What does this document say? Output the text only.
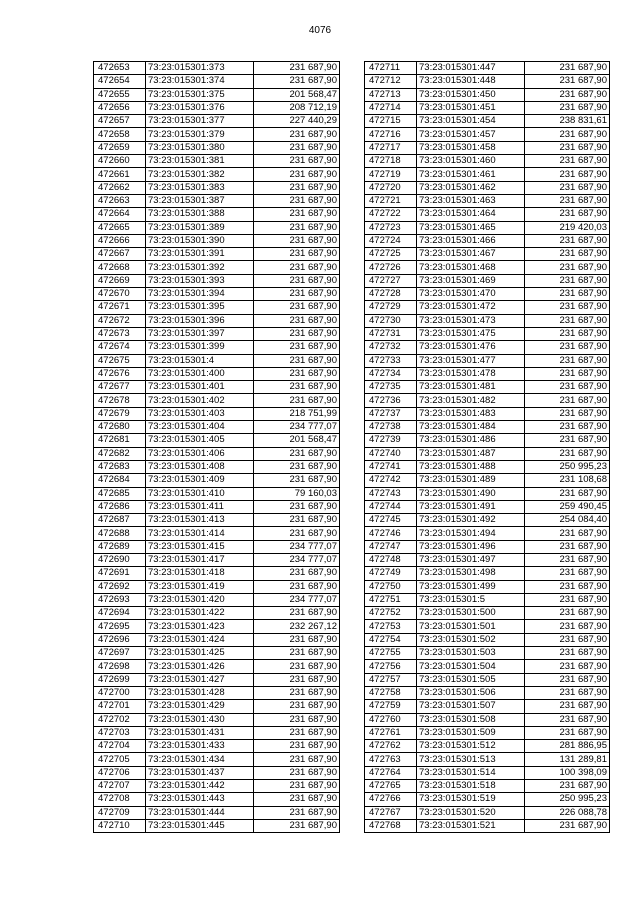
4076
472653	73:23:015301:373	231 687,90
472654	73:23:015301:374	231 687,90
472655	73:23:015301:375	201 568,47
472656	73:23:015301:376	208 712,19
472657	73:23:015301:377	227 440,29
472658	73:23:015301:379	231 687,90
472659	73:23:015301:380	231 687,90
472660	73:23:015301:381	231 687,90
472661	73:23:015301:382	231 687,90
472662	73:23:015301:383	231 687,90
472663	73:23:015301:387	231 687,90
472664	73:23:015301:388	231 687,90
472665	73:23:015301:389	231 687,90
472666	73:23:015301:390	231 687,90
472667	73:23:015301:391	231 687,90
472668	73:23:015301:392	231 687,90
472669	73:23:015301:393	231 687,90
472670	73:23:015301:394	231 687,90
472671	73:23:015301:395	231 687,90
472672	73:23:015301:396	231 687,90
472673	73:23:015301:397	231 687,90
472674	73:23:015301:399	231 687,90
472675	73:23:015301:4	231 687,90
472676	73:23:015301:400	231 687,90
472677	73:23:015301:401	231 687,90
472678	73:23:015301:402	231 687,90
472679	73:23:015301:403	218 751,99
472680	73:23:015301:404	234 777,07
472681	73:23:015301:405	201 568,47
472682	73:23:015301:406	231 687,90
472683	73:23:015301:408	231 687,90
472684	73:23:015301:409	231 687,90
472685	73:23:015301:410	79 160,03
472686	73:23:015301:411	231 687,90
472687	73:23:015301:413	231 687,90
472688	73:23:015301:414	231 687,90
472689	73:23:015301:415	234 777,07
472690	73:23:015301:417	234 777,07
472691	73:23:015301:418	231 687,90
472692	73:23:015301:419	231 687,90
472693	73:23:015301:420	234 777,07
472694	73:23:015301:422	231 687,90
472695	73:23:015301:423	232 267,12
472696	73:23:015301:424	231 687,90
472697	73:23:015301:425	231 687,90
472698	73:23:015301:426	231 687,90
472699	73:23:015301:427	231 687,90
472700	73:23:015301:428	231 687,90
472701	73:23:015301:429	231 687,90
472702	73:23:015301:430	231 687,90
472703	73:23:015301:431	231 687,90
472704	73:23:015301:433	231 687,90
472705	73:23:015301:434	231 687,90
472706	73:23:015301:437	231 687,90
472707	73:23:015301:442	231 687,90
472708	73:23:015301:443	231 687,90
472709	73:23:015301:444	231 687,90
472710	73:23:015301:445	231 687,90
472711	73:23:015301:447	231 687,90
472712	73:23:015301:448	231 687,90
472713	73:23:015301:450	231 687,90
472714	73:23:015301:451	231 687,90
472715	73:23:015301:454	238 831,61
472716	73:23:015301:457	231 687,90
472717	73:23:015301:458	231 687,90
472718	73:23:015301:460	231 687,90
472719	73:23:015301:461	231 687,90
472720	73:23:015301:462	231 687,90
472721	73:23:015301:463	231 687,90
472722	73:23:015301:464	231 687,90
472723	73:23:015301:465	219 420,03
472724	73:23:015301:466	231 687,90
472725	73:23:015301:467	231 687,90
472726	73:23:015301:468	231 687,90
472727	73:23:015301:469	231 687,90
472728	73:23:015301:470	231 687,90
472729	73:23:015301:472	231 687,90
472730	73:23:015301:473	231 687,90
472731	73:23:015301:475	231 687,90
472732	73:23:015301:476	231 687,90
472733	73:23:015301:477	231 687,90
472734	73:23:015301:478	231 687,90
472735	73:23:015301:481	231 687,90
472736	73:23:015301:482	231 687,90
472737	73:23:015301:483	231 687,90
472738	73:23:015301:484	231 687,90
472739	73:23:015301:486	231 687,90
472740	73:23:015301:487	231 687,90
472741	73:23:015301:488	250 995,23
472742	73:23:015301:489	231 108,68
472743	73:23:015301:490	231 687,90
472744	73:23:015301:491	259 490,45
472745	73:23:015301:492	254 084,40
472746	73:23:015301:494	231 687,90
472747	73:23:015301:496	231 687,90
472748	73:23:015301:497	231 687,90
472749	73:23:015301:498	231 687,90
472750	73:23:015301:499	231 687,90
472751	73:23:015301:5	231 687,90
472752	73:23:015301:500	231 687,90
472753	73:23:015301:501	231 687,90
472754	73:23:015301:502	231 687,90
472755	73:23:015301:503	231 687,90
472756	73:23:015301:504	231 687,90
472757	73:23:015301:505	231 687,90
472758	73:23:015301:506	231 687,90
472759	73:23:015301:507	231 687,90
472760	73:23:015301:508	231 687,90
472761	73:23:015301:509	231 687,90
472762	73:23:015301:512	281 886,95
472763	73:23:015301:513	131 289,81
472764	73:23:015301:514	100 398,09
472765	73:23:015301:518	231 687,90
472766	73:23:015301:519	250 995,23
472767	73:23:015301:520	226 088,78
472768	73:23:015301:521	231 687,90
